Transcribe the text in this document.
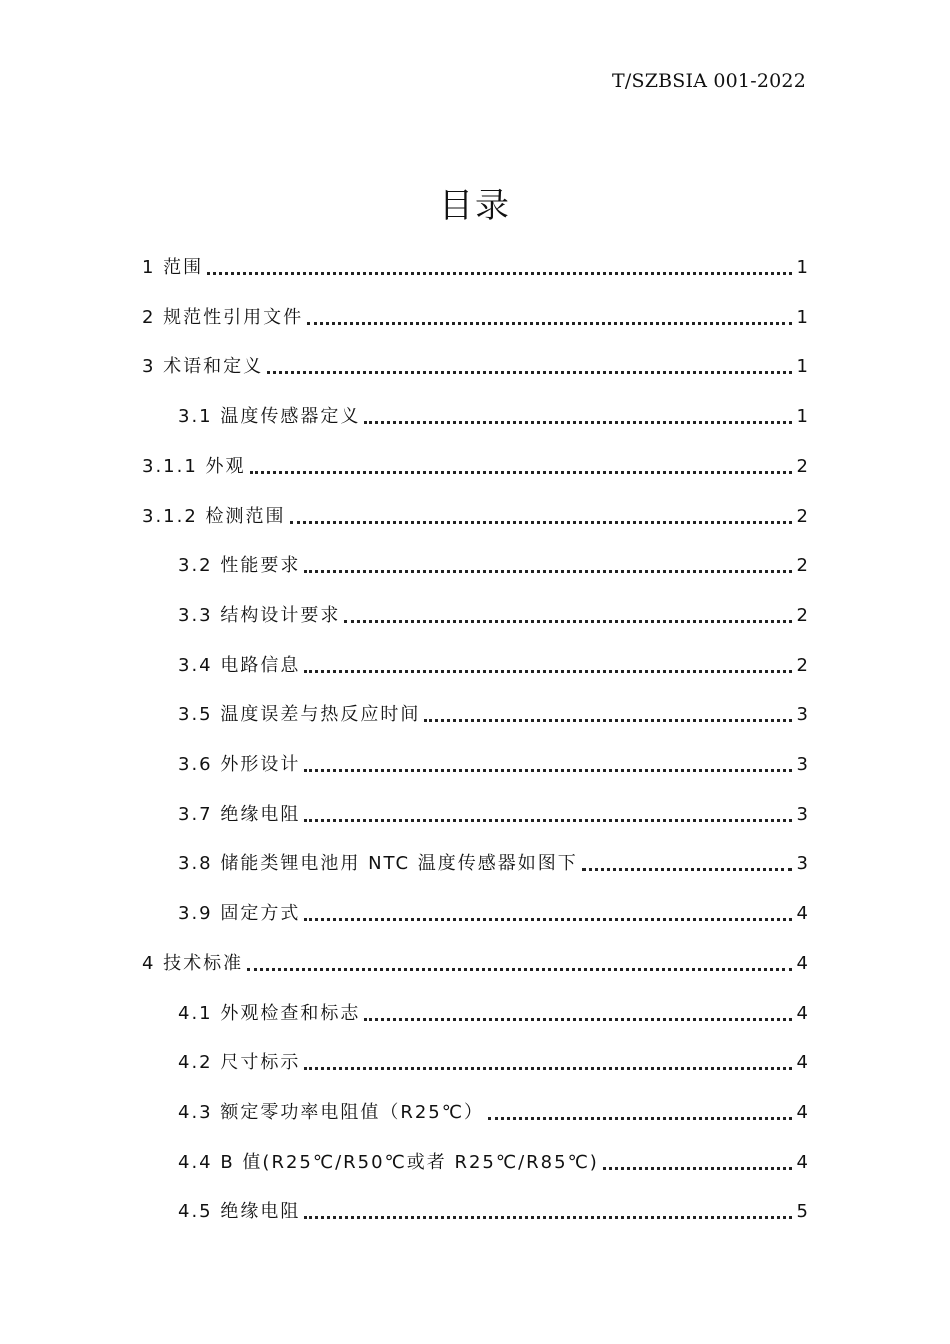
T/SZBSIA 001-2022
目录
1 范围	1
2 规范性引用文件	1
3 术语和定义	1
3.1 温度传感器定义	1
3.1.1 外观	2
3.1.2 检测范围	2
3.2 性能要求	2
3.3 结构设计要求	2
3.4 电路信息	2
3.5 温度误差与热反应时间	3
3.6 外形设计	3
3.7 绝缘电阻	3
3.8 储能类锂电池用 NTC 温度传感器如图下	3
3.9 固定方式	4
4 技术标准	4
4.1 外观检查和标志	4
4.2 尺寸标示	4
4.3 额定零功率电阻值（R25℃）	4
4.4 B 值(R25℃/R50℃或者 R25℃/R85℃)	4
4.5 绝缘电阻	5
